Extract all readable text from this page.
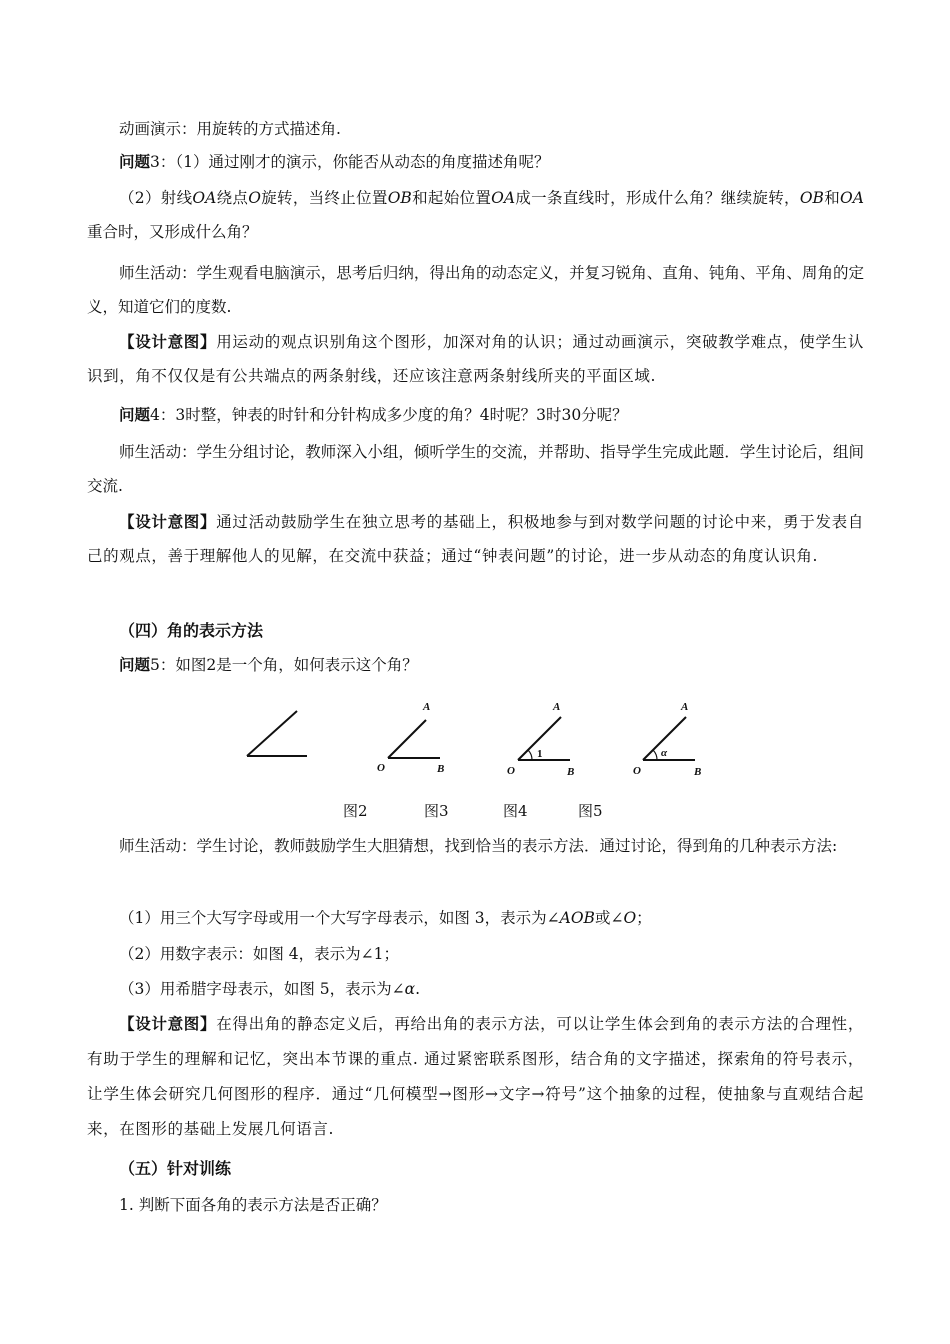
动画演示：用旋转的方式描述角.
问题3：（1）通过刚才的演示，你能否从动态的角度描述角呢？
（2）射线OA绕点O旋转，当终止位置OB和起始位置OA成一条直线时，形成什么角？继续旋转，OB和OA重合时，又形成什么角？
师生活动：学生观看电脑演示，思考后归纳，得出角的动态定义，并复习锐角、直角、钝角、平角、周角的定义，知道它们的度数.
【设计意图】用运动的观点识别角这个图形，加深对角的认识；通过动画演示，突破教学难点，使学生认识到，角不仅仅是有公共端点的两条射线，还应该注意两条射线所夹的平面区域.
问题4：3时整，钟表的时针和分针构成多少度的角？4时呢？3时30分呢？
师生活动：学生分组讨论，教师深入小组，倾听学生的交流，并帮助、指导学生完成此题．学生讨论后，组间交流.
【设计意图】通过活动鼓励学生在独立思考的基础上，积极地参与到对数学问题的讨论中来，勇于发表自己的观点，善于理解他人的见解，在交流中获益；通过“钟表问题”的讨论，进一步从动态的角度认识角.
（四）角的表示方法
问题5：如图2是一个角，如何表示这个角？
A
O	B
A
O	B
1
A
O	B
α
图2	图3	图4	图5
师生活动：学生讨论，教师鼓励学生大胆猜想，找到恰当的表示方法．通过讨论，得到角的几种表示方法:
（1）用三个大写字母或用一个大写字母表示，如图 3，表示为∠AOB或∠O；
（2）用数字表示：如图 4，表示为∠1；
（3）用希腊字母表示，如图 5，表示为∠α.
【设计意图】在得出角的静态定义后，再给出角的表示方法，可以让学生体会到角的表示方法的合理性，有助于学生的理解和记忆，突出本节课的重点. 通过紧密联系图形，结合角的文字描述，探索角的符号表示，让学生体会研究几何图形的程序．通过“几何模型→图形→文字→符号”这个抽象的过程，使抽象与直观结合起来，在图形的基础上发展几何语言.
（五）针对训练
1. 判断下面各角的表示方法是否正确？
